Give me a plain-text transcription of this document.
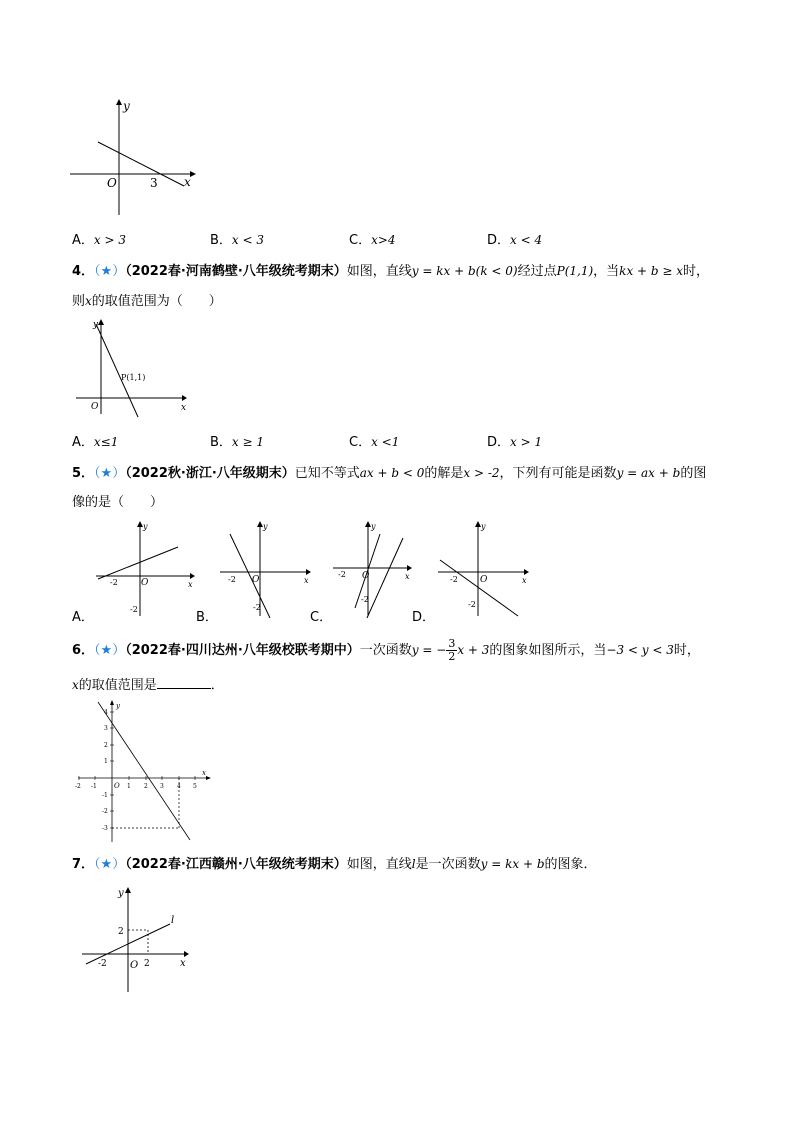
y
x
O	3
A．x > 3	B．x < 3	C．x>4	D．x < 4
4．（★）（2022春·河南鹤壁·八年级统考期末）如图，直线y = kx + b(k < 0)经过点P(1,1)，当kx + b ≥ x时，
则x的取值范围为（　　）
y
x
O
P(1,1)
A．x≤1	B．x ≥ 1	C．x <1	D．x > 1
5．（★）（2022秋·浙江·八年级期末）已知不等式ax + b < 0的解是x > -2，下列有可能是函数y = ax + b的图
像的是（　　）
y
x
O
-2
-2
A．
y
x
O
-2
-2
B．
y
x
O
-2
-2
C．
y
x
O
-2
-2
D．
6．（★）（2022春·四川达州·八年级校联考期中）一次函数y = − $\frac{3}{2}$ x + 3的图象如图所示，当−3 < y < 3时，
x的取值范围是	．
y
x
O
-2 -1	1 2 3 4 5
4
3
2
1
-1
-2
-3
7．（★）（2022春·江西赣州·八年级统考期末）如图，直线l是一次函数y = kx + b的图象．
y
x
O
l
-2	2
2
